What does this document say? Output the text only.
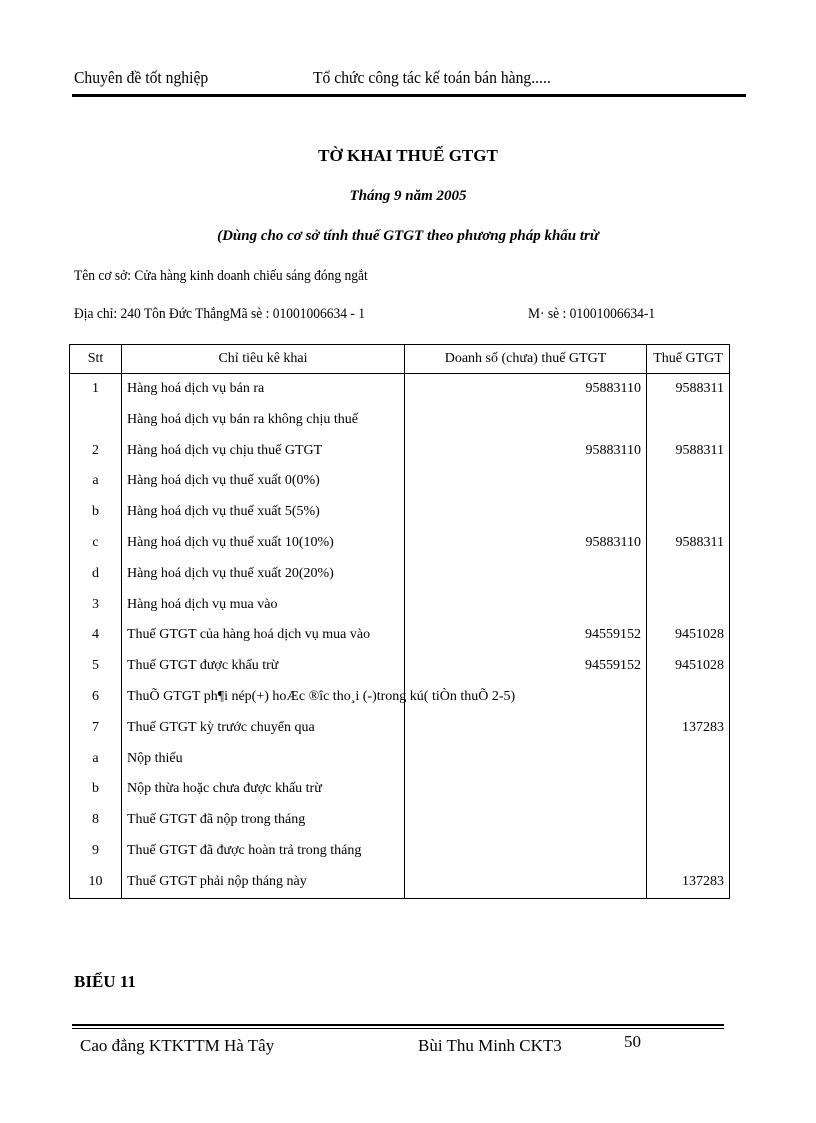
Chuyên đề tốt nghiệp	Tổ chức công tác kế toán bán hàng.....
TỜ KHAI THUẾ GTGT
Tháng 9 năm 2005
(Dùng cho cơ sở tính thuế GTGT theo phương pháp khấu trừ
Tên cơ sở: Cửa hàng kinh doanh chiếu sáng đóng ngắt
Địa chỉ: 240 Tôn Đức ThắngMã sè : 01001006634 - 1	M· sè : 01001006634-1
Stt	Chỉ tiêu kê khai	Doanh số (chưa) thuế GTGT	Thuế GTGT
1	Hàng hoá dịch vụ bán ra	95883110	9588311
	Hàng hoá dịch vụ bán ra không chịu thuế		
2	Hàng hoá dịch vụ chịu thuế GTGT	95883110	9588311
a	Hàng hoá dịch vụ thuế xuất 0(0%)		
b	Hàng hoá dịch vụ thuế xuất 5(5%)		
c	Hàng hoá dịch vụ thuế xuất 10(10%)	95883110	9588311
d	Hàng hoá dịch vụ thuế xuất 20(20%)		
3	Hàng hoá dịch vụ mua vào		
4	Thuế GTGT của hàng hoá dịch vụ mua vào	94559152	9451028
5	Thuế GTGT được khấu trừ	94559152	9451028
6	ThuÕ GTGT ph¶i nép(+) hoÆc ®îc tho¸i (-)trong kú( tiÒn thuÕ 2-5)		
7	Thuế GTGT kỳ trước chuyển qua		137283
a	Nộp thiếu		
b	Nộp thừa hoặc chưa được khấu trừ		
8	Thuế GTGT đã nộp trong tháng		
9	Thuế GTGT đã được hoàn trả trong tháng		
10	Thuế GTGT phải nộp tháng này		137283
BIỂU 11
Cao đẳng KTKTTM Hà Tây	Bùi Thu Minh CKT3	50
